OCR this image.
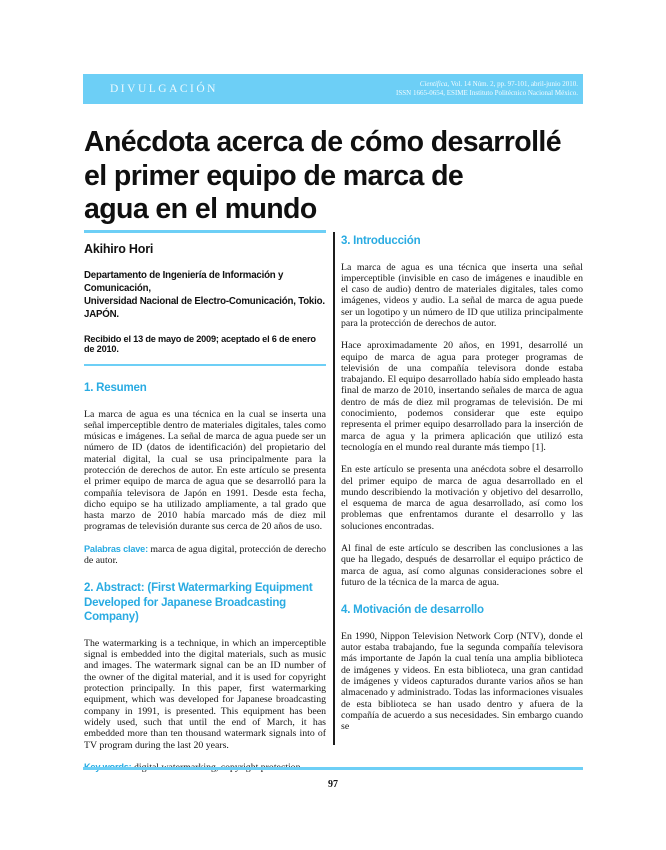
DIVULGACIÓN	Científica, Vol. 14 Núm. 2, pp. 97-101, abril-junio 2010.
ISSN 1665-0654, ESIME Instituto Politécnico Nacional México.
Anécdota acerca de cómo desarrollé
el primer equipo de marca de
agua en el mundo
Akihiro Hori
Departamento de Ingeniería de Información y Comunicación,
Universidad Nacional de Electro-Comunicación, Tokio.
JAPÓN.
Recibido el 13 de mayo de 2009; aceptado el 6 de enero de 2010.
1. Resumen

La marca de agua es una técnica en la cual se inserta una señal imperceptible dentro de materiales digitales, tales como músicas e imágenes. La señal de marca de agua puede ser un número de ID (datos de identificación) del propietario del material digital, la cual se usa principalmente para la protección de derechos de autor. En este artículo se presenta el primer equipo de marca de agua que se desarrolló para la compañía televisora de Japón en 1991. Desde esta fecha, dicho equipo se ha utilizado ampliamente, a tal grado que hasta marzo de 2010 había marcado más de diez mil programas de televisión durante sus cerca de 20 años de uso.

Palabras clave: marca de agua digital, protección de derecho de autor.

2. Abstract: (First Watermarking Equipment Developed for Japanese Broadcasting Company)

The watermarking is a technique, in which an imperceptible signal is embedded into the digital materials, such as music and images. The watermark signal can be an ID number of the owner of the digital material, and it is used for copyright protection principally. In this paper, first watermarking equipment, which was developed for Japanese broadcasting company in 1991, is presented. This equipment has been widely used, such that until the end of March, it has embedded more than ten thousand watermark signals into of TV program during the last 20 years.

3. Introducción

La marca de agua es una técnica que inserta una señal imperceptible (invisible en caso de imágenes e inaudible en el caso de audio) dentro de materiales digitales, tales como imágenes, videos y audio. La señal de marca de agua puede ser un logotipo y un número de ID que utiliza principalmente para la protección de derechos de autor.

Hace aproximadamente 20 años, en 1991, desarrollé un equipo de marca de agua para proteger programas de televisión de una compañía televisora donde estaba trabajando. El equipo desarrollado había sido empleado hasta final de marzo de 2010, insertando señales de marca de agua dentro de más de diez mil programas de televisión. De mi conocimiento, podemos considerar que este equipo representa el primer equipo desarrollado para la inserción de marca de agua y la primera aplicación que utilizó esta tecnología en el mundo real durante más tiempo [1].

En este artículo se presenta una anécdota sobre el desarrollo del primer equipo de marca de agua desarrollado en el mundo describiendo la motivación y objetivo del desarrollo, el esquema de marca de agua desarrollado, así como los problemas que enfrentamos durante el desarrollo y las soluciones encontradas.

Al final de este artículo se describen las conclusiones a las que ha llegado, después de desarrollar el equipo práctico de marca de agua, así como algunas consideraciones sobre el futuro de la técnica de la marca de agua.

4. Motivación de desarrollo

En 1990, Nippon Television Network Corp (NTV), donde el autor estaba trabajando, fue la segunda compañía televisora más importante de Japón la cual tenía una amplia biblioteca de imágenes y videos. En esta biblioteca, una gran cantidad de imágenes y videos capturados durante varios años se han almacenado y administrado. Todas las informaciones visuales de esta biblioteca se han usado dentro y afuera de la compañía de acuerdo a sus necesidades. Sin embargo cuando se

97
